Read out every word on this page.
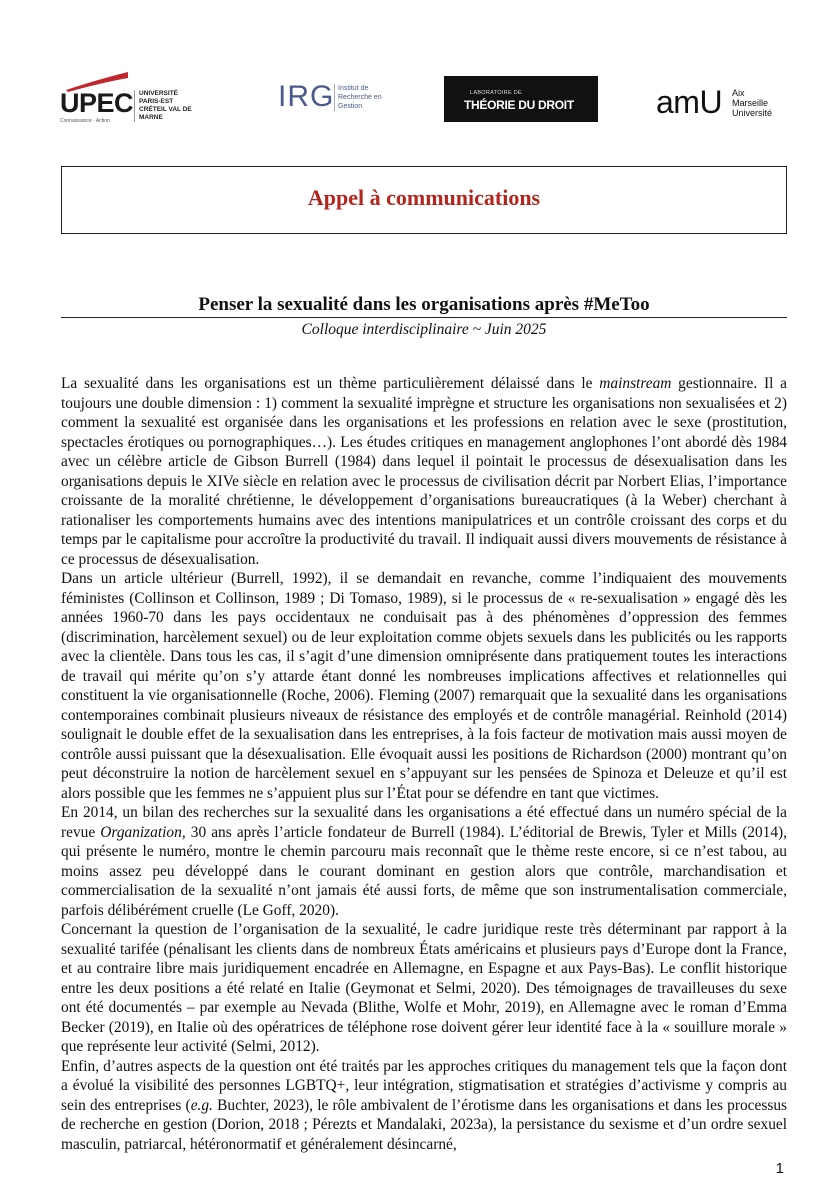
UPEC UNIVERSITÉ PARIS-EST CRÉTEIL VAL DE MARNE
Connaissance · Action
IRG Institut de Recherche en Gestion
LABORATOIRE DE
THÉORIE DU DROIT	amU Aix
Marseille
Université
Appel à communications
Penser la sexualité dans les organisations après #MeToo
Colloque interdisciplinaire ~ Juin 2025

La sexualité dans les organisations est un thème particulièrement délaissé dans le mainstream gestionnaire. Il a toujours une double dimension : 1) comment la sexualité imprègne et structure les organisations non sexualisées et 2) comment la sexualité est organisée dans les organisations et les professions en relation avec le sexe (prostitution, spectacles érotiques ou pornographiques…). Les études critiques en management anglophones l’ont abordé dès 1984 avec un célèbre article de Gibson Burrell (1984) dans lequel il pointait le processus de désexualisation dans les organisations depuis le XIVe siècle en relation avec le processus de civilisation décrit par Norbert Elias, l’importance croissante de la moralité chrétienne, le développement d’organisations bureaucratiques (à la Weber) cherchant à rationaliser les comportements humains avec des intentions manipulatrices et un contrôle croissant des corps et du temps par le capitalisme pour accroître la productivité du travail. Il indiquait aussi divers mouvements de résistance à ce processus de désexualisation.

Dans un article ultérieur (Burrell, 1992), il se demandait en revanche, comme l’indiquaient des mouvements féministes (Collinson et Collinson, 1989 ; Di Tomaso, 1989), si le processus de « re-sexualisation » engagé dès les années 1960-70 dans les pays occidentaux ne conduisait pas à des phénomènes d’oppression des femmes (discrimination, harcèlement sexuel) ou de leur exploitation comme objets sexuels dans les publicités ou les rapports avec la clientèle. Dans tous les cas, il s’agit d’une dimension omniprésente dans pratiquement toutes les interactions de travail qui mérite qu’on s’y attarde étant donné les nombreuses implications affectives et relationnelles qui constituent la vie organisationnelle (Roche, 2006). Fleming (2007) remarquait que la sexualité dans les organisations contemporaines combinait plusieurs niveaux de résistance des employés et de contrôle managérial. Reinhold (2014) soulignait le double effet de la sexualisation dans les entreprises, à la fois facteur de motivation mais aussi moyen de contrôle aussi puissant que la désexualisation. Elle évoquait aussi les positions de Richardson (2000) montrant qu’on peut déconstruire la notion de harcèlement sexuel en s’appuyant sur les pensées de Spinoza et Deleuze et qu’il est alors possible que les femmes ne s’appuient plus sur l’État pour se défendre en tant que victimes.

En 2014, un bilan des recherches sur la sexualité dans les organisations a été effectué dans un numéro spécial de la revue Organization, 30 ans après l’article fondateur de Burrell (1984). L’éditorial de Brewis, Tyler et Mills (2014), qui présente le numéro, montre le chemin parcouru mais reconnaît que le thème reste encore, si ce n’est tabou, au moins assez peu développé dans le courant dominant en gestion alors que contrôle, marchandisation et commercialisation de la sexualité n’ont jamais été aussi forts, de même que son instrumentalisation commerciale, parfois délibérément cruelle (Le Goff, 2020).

Concernant la question de l’organisation de la sexualité, le cadre juridique reste très déterminant par rapport à la sexualité tarifée (pénalisant les clients dans de nombreux États américains et plusieurs pays d’Europe dont la France, et au contraire libre mais juridiquement encadrée en Allemagne, en Espagne et aux Pays-Bas). Le conflit historique entre les deux positions a été relaté en Italie (Geymonat et Selmi, 2020). Des témoignages de travailleuses du sexe ont été documentés – par exemple au Nevada (Blithe, Wolfe et Mohr, 2019), en Allemagne avec le roman d’Emma Becker (2019), en Italie où des opératrices de téléphone rose doivent gérer leur identité face à la « souillure morale » que représente leur activité (Selmi, 2012).

Enfin, d’autres aspects de la question ont été traités par les approches critiques du management tels que la façon dont a évolué la visibilité des personnes LGBTQ+, leur intégration, stigmatisation et stratégies d’activisme y compris au sein des entreprises (e.g. Buchter, 2023), le rôle ambivalent de l’érotisme dans les organisations et dans les processus de recherche en gestion (Dorion, 2018 ; Pérezts et Mandalaki, 2023a), la persistance du sexisme et d’un ordre sexuel masculin, patriarcal, hétéronormatif et généralement désincarné,

1
